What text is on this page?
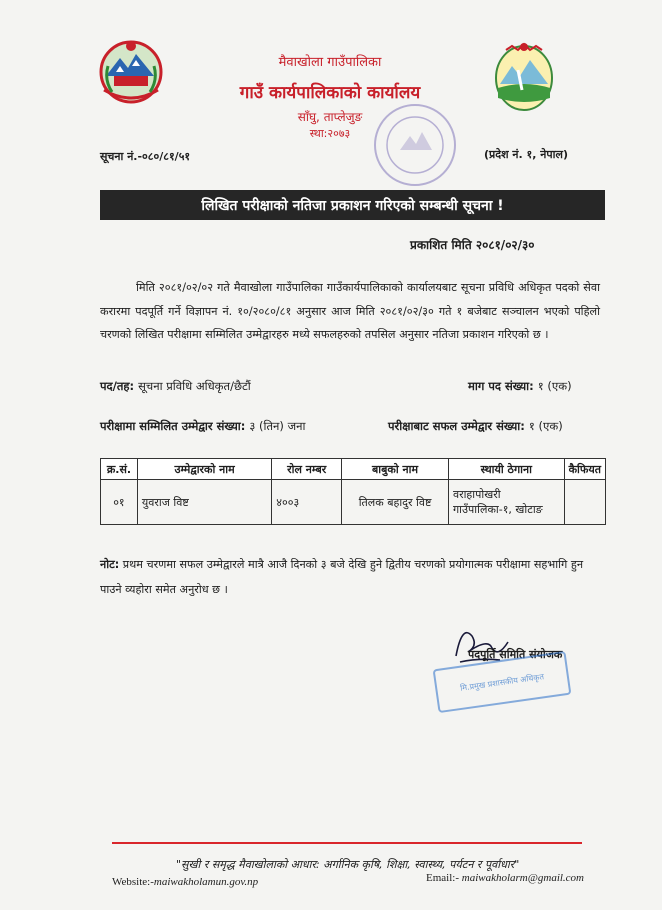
मैवाखोला गाउँपालिका
गाउँ कार्यपालिकाको कार्यालय
साँघु, ताप्लेजुङ
स्था:२०७३
सूचना नं.-०८०/८१/५१	(प्रदेश नं. १, नेपाल)
लिखित परीक्षाको नतिजा प्रकाशन गरिएको सम्बन्धी सूचना !
प्रकाशित मिति २०८१/०२/३०
मिति २०८१/०२/०२ गते मैवाखोला गाउँपालिका गाउँकार्यपालिकाको कार्यालयबाट सूचना प्रविधि अधिकृत पदको सेवा करारमा पदपूर्ति गर्ने विज्ञापन नं. १०/२०८०/८१ अनुसार आज मिति २०८१/०२/३० गते १ बजेबाट सञ्चालन भएको पहिलो चरणको लिखित परीक्षामा सम्मिलित उम्मेद्वारहरु मध्ये सफलहरुको तपसिल अनुसार नतिजा प्रकाशन गरिएको छ ।
पद/तह: सूचना प्रविधि अधिकृत/छैटौं	माग पद संख्या: १ (एक)
परीक्षामा सम्मिलित उम्मेद्वार संख्या: ३ (तिन) जना	परीक्षाबाट सफल उम्मेद्वार संख्या: १ (एक)
क्र.सं.	उम्मेद्वारको नाम	रोल नम्बर	बाबुको नाम	स्थायी ठेगाना	कैफियत
०१	युवराज विष्ट	४००३	तिलक बहादुर विष्ट	वराहापोखरी गाउँपालिका-१, खोटाङ	
नोट: प्रथम चरणमा सफल उम्मेद्वारले मात्रै आजै दिनको ३ बजे देखि हुने द्वितीय चरणको प्रयोगात्मक परीक्षामा सहभागि हुन पाउने व्यहोरा समेत अनुरोध छ ।
पदपूर्ति समिति संयोजक
मि.प्रमुख प्रशासकीय अधिकृत
"सुखी र समृद्ध मैवाखोलाको आधार: अर्गानिक कृषि, शिक्षा, स्वास्थ्य, पर्यटन र पूर्वाधार"
Website:-maiwakholamun.gov.np	Email:- maiwakholarm@gmail.com
